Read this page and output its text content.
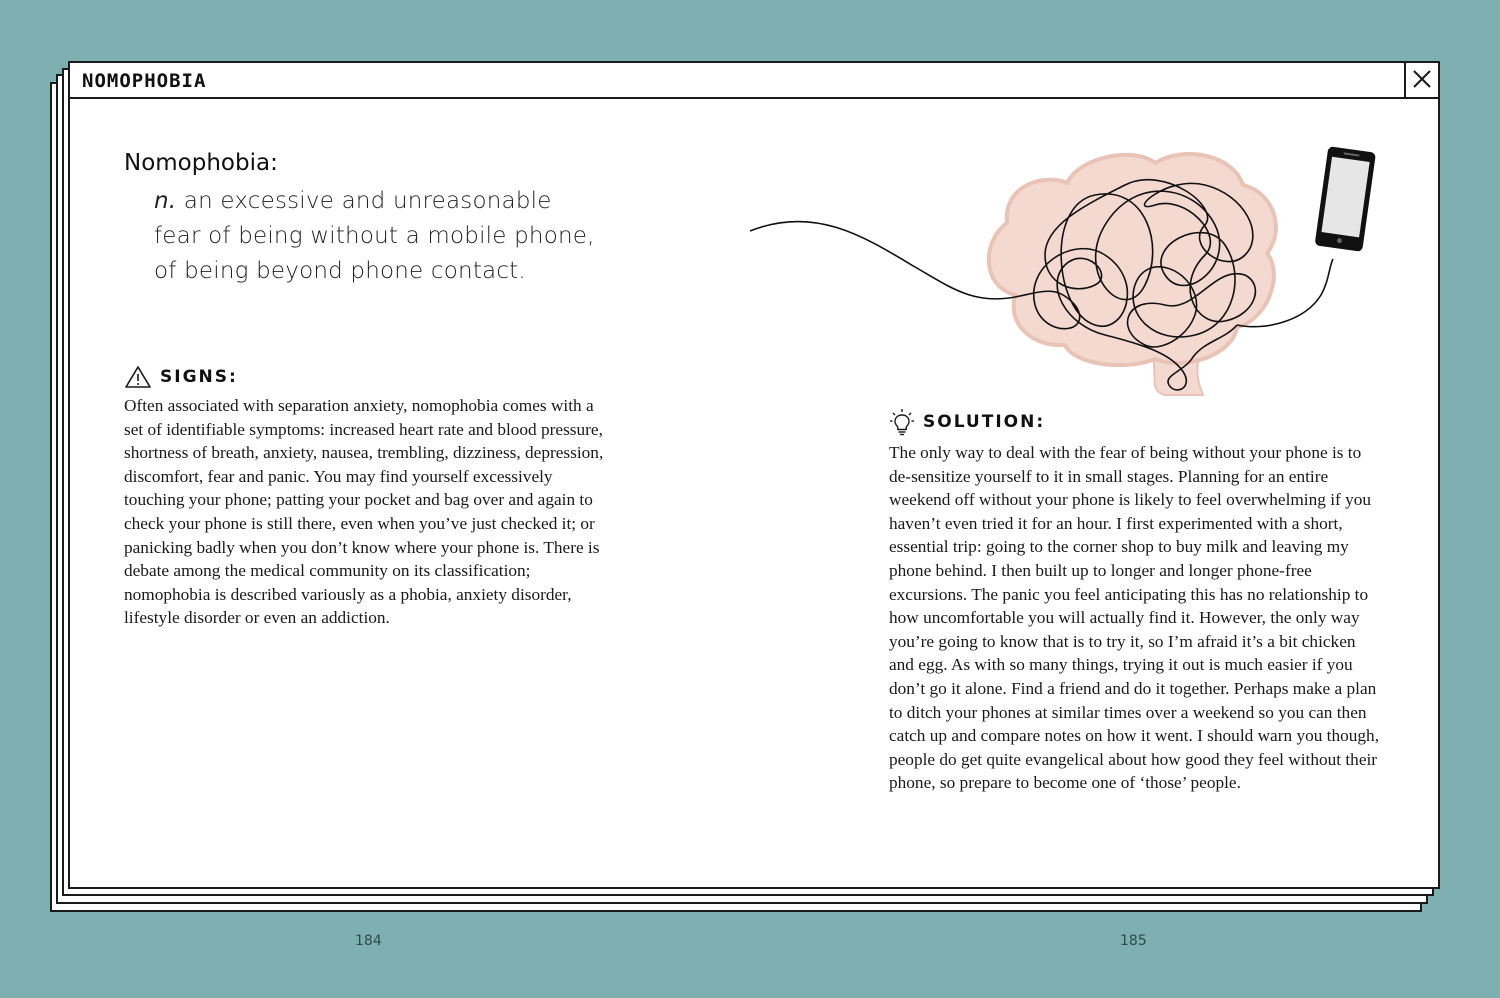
NOMOPHOBIA
Nomophobia:
n. an excessive and unreasonable fear of being without a mobile phone, of being beyond phone contact.
SIGNS:

Often associated with separation anxiety, nomophobia comes with a set of identifiable symptoms: increased heart rate and blood pressure, shortness of breath, anxiety, nausea, trembling, dizziness, depression, discomfort, fear and panic. You may find yourself excessively touching your phone; patting your pocket and bag over and again to check your phone is still there, even when you’ve just checked it; or panicking badly when you don’t know where your phone is. There is debate among the medical community on its classification; nomophobia is described variously as a phobia, anxiety disorder, lifestyle disorder or even an addiction.

SOLUTION:

The only way to deal with the fear of being without your phone is to de-sensitize yourself to it in small stages. Planning for an entire weekend off without your phone is likely to feel overwhelming if you haven’t even tried it for an hour. I first experimented with a short, essential trip: going to the corner shop to buy milk and leaving my phone behind. I then built up to longer and longer phone-free excursions. The panic you feel anticipating this has no relationship to how uncomfortable you will actually find it. However, the only way you’re going to know that is to try it, so I’m afraid it’s a bit chicken and egg. As with so many things, trying it out is much easier if you don’t go it alone. Find a friend and do it together. Perhaps make a plan to ditch your phones at similar times over a weekend so you can then catch up and compare notes on how it went. I should warn you though, people do get quite evangelical about how good they feel without their phone, so prepare to become one of ‘those’ people.

184	185
